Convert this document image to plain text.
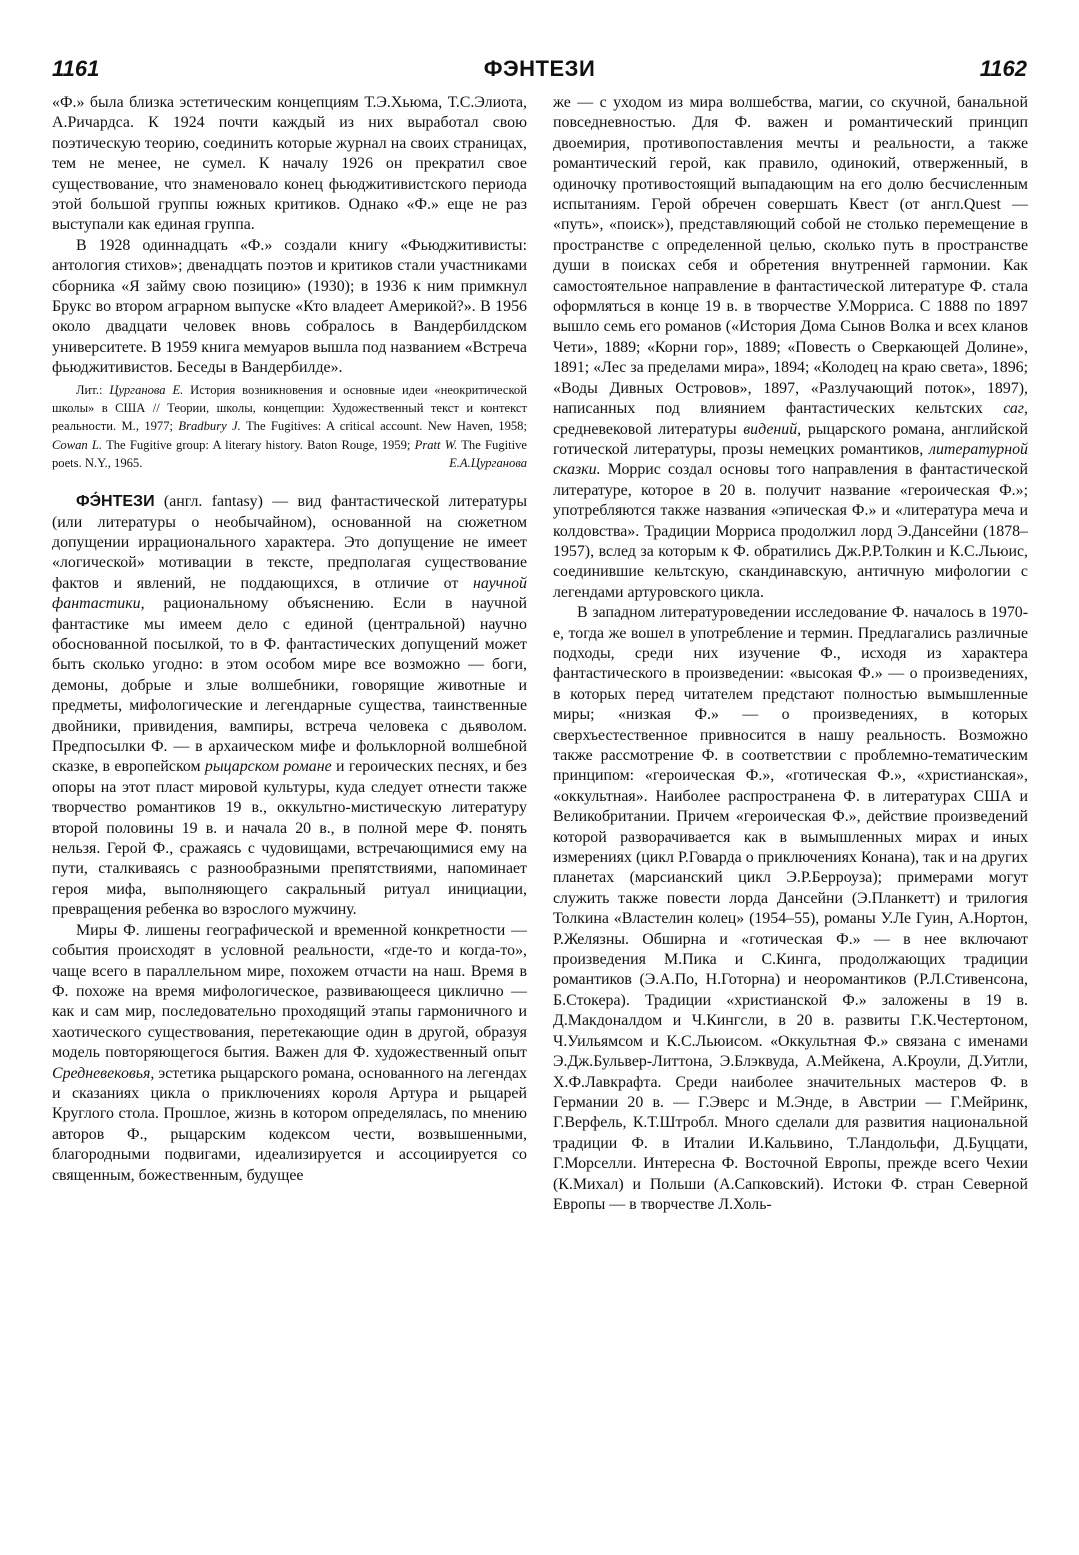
1161	ФЭНТЕЗИ	1162

«Ф.» была близка эстетическим концепциям Т.Э.Хьюма, Т.С.Элиота, А.Ричардса. К 1924 почти каждый из них выработал свою поэтическую теорию, соединить которые журнал на своих страницах, тем не менее, не сумел. К началу 1926 он прекратил свое существование, что знаменовало конец фьюджитивистского периода этой большой группы южных критиков. Однако «Ф.» еще не раз выступали как единая группа.

В 1928 одиннадцать «Ф.» создали книгу «Фьюджитивисты: антология стихов»; двенадцать поэтов и критиков стали участниками сборника «Я займу свою позицию» (1930); в 1936 к ним примкнул Брукс во втором аграрном выпуске «Кто владеет Америкой?». В 1956 около двадцати человек вновь собралось в Вандербилдском университете. В 1959 книга мемуаров вышла под названием «Встреча фьюджитивистов. Беседы в Вандербилде».

Лит.: Цурганова Е. История возникновения и основные идеи «неокритической школы» в США // Теории, школы, концепции: Художественный текст и контекст реальности. М., 1977; Bradbury J. The Fugitives: A critical account. New Haven, 1958; Cowan L. The Fugitive group: A literary history. Baton Rouge, 1959; Pratt W. The Fugitive poets. N.Y., 1965.	Е.А.Цурганова

ФЭ́НТЕЗИ (англ. fantasy) — вид фантастической литературы (или литературы о необычайном), основанной на сюжетном допущении иррационального характера. Это допущение не имеет «логической» мотивации в тексте, предполагая существование фактов и явлений, не поддающихся, в отличие от научной фантастики, рациональному объяснению. Если в научной фантастике мы имеем дело с единой (центральной) научно обоснованной посылкой, то в Ф. фантастических допущений может быть сколько угодно: в этом особом мире все возможно — боги, демоны, добрые и злые волшебники, говорящие животные и предметы, мифологические и легендарные существа, таинственные двойники, привидения, вампиры, встреча человека с дьяволом. Предпосылки Ф. — в архаическом мифе и фольклорной волшебной сказке, в европейском рыцарском романе и героических песнях, и без опоры на этот пласт мировой культуры, куда следует отнести также творчество романтиков 19 в., оккультно-мистическую литературу второй половины 19 в. и начала 20 в., в полной мере Ф. понять нельзя. Герой Ф., сражаясь с чудовищами, встречающимися ему на пути, сталкиваясь с разнообразными препятствиями, напоминает героя мифа, выполняющего сакральный ритуал инициации, превращения ребенка во взрослого мужчину.

Миры Ф. лишены географической и временной конкретности — события происходят в условной реальности, «где-то и когда-то», чаще всего в параллельном мире, похожем отчасти на наш. Время в Ф. похоже на время мифологическое, развивающееся циклично — как и сам мир, последовательно проходящий этапы гармоничного и хаотического существования, перетекающие один в другой, образуя модель повторяющегося бытия. Важен для Ф. художественный опыт Средневековья, эстетика рыцарского романа, основанного на легендах и сказаниях цикла о приключениях короля Артура и рыцарей Круглого стола. Прошлое, жизнь в котором определялась, по мнению авторов Ф., рыцарским кодексом чести, возвышенными, благородными подвигами, идеализируется и ассоциируется со священным, божественным, будущее

же — с уходом из мира волшебства, магии, со скучной, банальной повседневностью. Для Ф. важен и романтический принцип двоемирия, противопоставления мечты и реальности, а также романтический герой, как правило, одинокий, отверженный, в одиночку противостоящий выпадающим на его долю бесчисленным испытаниям. Герой обречен совершать Квест (от англ.Quest — «путь», «поиск»), представляющий собой не столько перемещение в пространстве с определенной целью, сколько путь в пространстве души в поисках себя и обретения внутренней гармонии. Как самостоятельное направление в фантастической литературе Ф. стала оформляться в конце 19 в. в творчестве У.Морриса. С 1888 по 1897 вышло семь его романов («История Дома Сынов Волка и всех кланов Чети», 1889; «Корни гор», 1889; «Повесть о Сверкающей Долине», 1891; «Лес за пределами мира», 1894; «Колодец на краю света», 1896; «Воды Дивных Островов», 1897, «Разлучающий поток», 1897), написанных под влиянием фантастических кельтских саг, средневековой литературы видений, рыцарского романа, английской готической литературы, прозы немецких романтиков, литературной сказки. Моррис создал основы того направления в фантастической литературе, которое в 20 в. получит название «героическая Ф.»; употребляются также названия «эпическая Ф.» и «литература меча и колдовства». Традиции Морриса продолжил лорд Э.Дансейни (1878–1957), вслед за которым к Ф. обратились Дж.Р.Р.Толкин и К.С.Льюис, соединившие кельтскую, скандинавскую, античную мифологии с легендами артуровского цикла.

В западном литературоведении исследование Ф. началось в 1970-е, тогда же вошел в употребление и термин. Предлагались различные подходы, среди них изучение Ф., исходя из характера фантастического в произведении: «высокая Ф.» — о произведениях, в которых перед читателем предстают полностью вымышленные миры; «низкая Ф.» — о произведениях, в которых сверхъестественное привносится в нашу реальность. Возможно также рассмотрение Ф. в соответствии с проблемно-тематическим принципом: «героическая Ф.», «готическая Ф.», «христианская», «оккультная». Наиболее распространена Ф. в литературах США и Великобритании. Причем «героическая Ф.», действие произведений которой разворачивается как в вымышленных мирах и иных измерениях (цикл Р.Говарда о приключениях Конана), так и на других планетах (марсианский цикл Э.Р.Берроуза); примерами могут служить также повести лорда Дансейни (Э.Планкетт) и трилогия Толкина «Властелин колец» (1954–55), романы У.Ле Гуин, А.Нортон, Р.Желязны. Обширна и «готическая Ф.» — в нее включают произведения М.Пика и С.Кинга, продолжающих традиции романтиков (Э.А.По, Н.Готорна) и неоромантиков (Р.Л.Стивенсона, Б.Стокера). Традиции «христианской Ф.» заложены в 19 в. Д.Макдоналдом и Ч.Кингсли, в 20 в. развиты Г.К.Честертоном, Ч.Уильямсом и К.С.Льюисом. «Оккультная Ф.» связана с именами Э.Дж.Бульвер-Литтона, Э.Блэквуда, А.Мейкена, А.Кроули, Д.Уитли, Х.Ф.Лавкрафта. Среди наиболее значительных мастеров Ф. в Германии 20 в. — Г.Эверс и М.Энде, в Австрии — Г.Мейринк, Г.Верфель, К.Т.Штробл. Много сделали для развития национальной традиции Ф. в Италии И.Кальвино, Т.Ландольфи, Д.Буццати, Г.Морселли. Интересна Ф. Восточной Европы, прежде всего Чехии (К.Михал) и Польши (А.Сапковский). Истоки Ф. стран Северной Европы — в творчестве Л.Холь-
